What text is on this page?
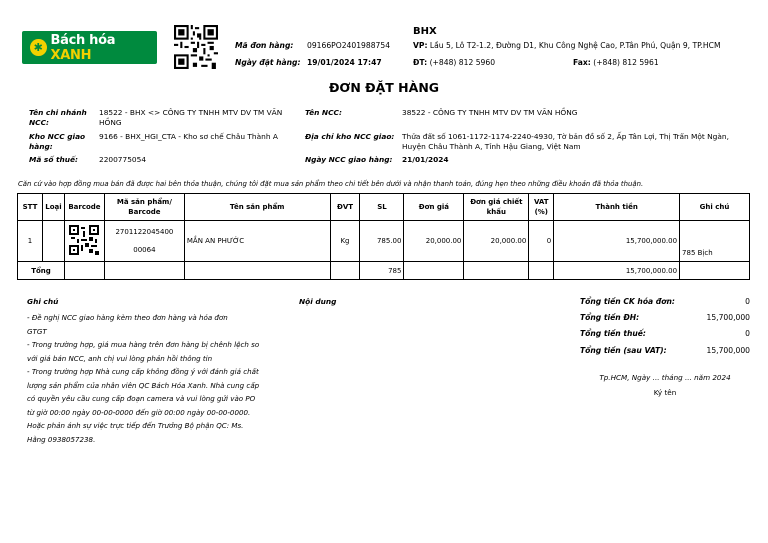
✱ Bách hóa XANH
Mã đơn hàng: 09166PO2401988754
Ngày đặt hàng: 19/01/2024 17:47
BHX
VP: Lầu 5, Lô T2-1.2, Đường D1, Khu Công Nghệ Cao, P.Tân Phú, Quận 9, TP.HCM
ĐT: (+848) 812 5960	Fax: (+848) 812 5961
ĐƠN ĐẶT HÀNG
Tên chi nhánh NCC:
18522 - BHX <> CÔNG TY TNHH MTV DV TM VĂN HỒNG
Tên NCC:	38522 - CÔNG TY TNHH MTV DV TM VĂN HỒNG
Kho NCC giao hàng:
9166 - BHX_HGI_CTA - Kho sơ chế Châu Thành A	Địa chỉ kho NCC giao: Thửa đất số 1061-1172-1174-2240-4930, Tờ bản đồ số 2, Ấp Tân Lợi, Thị Trấn Một Ngàn, Huyện Châu Thành A, Tỉnh Hậu Giang, Việt Nam
Mã số thuế:	2200775054	Ngày NCC giao hàng: 21/01/2024
Căn cứ vào hợp đồng mua bán đã được hai bên thỏa thuận, chúng tôi đặt mua sản phẩm theo chi tiết bên dưới và nhận thanh toán, đúng hẹn theo những điều khoản đã thỏa thuận.
STT	Loại	Barcode	Mã sản phẩm/ Barcode	Tên sản phẩm	ĐVT	SL	Đơn giá	Đơn giá chiết khấu	VAT (%)	Thành tiền	Ghi chú
1			2701122045400
00064	MẮN AN PHƯỚC	Kg	785.00	20,000.00	20,000.00	0	15,700,000.00	785 Bịch
Tổng						785				15,700,000.00	
Ghi chú
- Đề nghị NCC giao hàng kèm theo đơn hàng và hóa đơn
GTGT
- Trong trường hợp, giá mua hàng trên đơn hàng bị chênh lệch so
với giá bán NCC, anh chị vui lòng phản hồi thông tin
- Trong trường hợp Nhà cung cấp không đồng ý với đánh giá chất
lượng sản phẩm của nhân viên QC Bách Hóa Xanh. Nhà cung cấp
có quyền yêu cầu cung cấp đoạn camera và vui lòng gửi vào PO
từ giờ 00:00 ngày 00-00-0000 đến giờ 00:00 ngày 00-00-0000.
Hoặc phản ánh sự việc trực tiếp đến Trưởng Bộ phận QC: Ms.
Hằng 0938057238.
Nội dung	Tổng tiền CK hóa đơn:	0
Tổng tiền ĐH:	15,700,000
Tổng tiền thuế:	0
Tổng tiền (sau VAT):	15,700,000
Tp.HCM, Ngày ... tháng ... năm 2024
Ký tên
